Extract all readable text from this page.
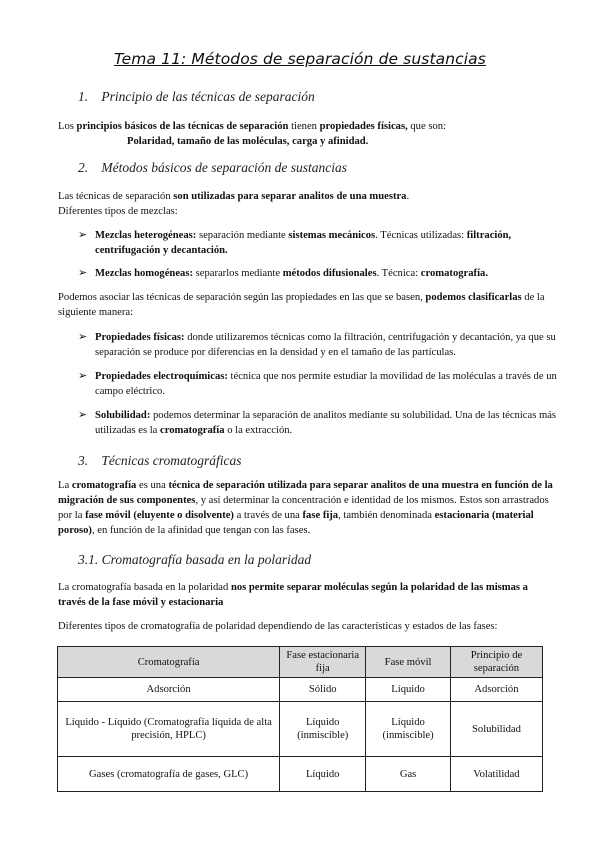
Tema 11: Métodos de separación de sustancias
1. Principio de las técnicas de separación
Los principios básicos de las técnicas de separación tienen propiedades físicas, que son:
Polaridad, tamaño de las moléculas, carga y afinidad.
2. Métodos básicos de separación de sustancias
Las técnicas de separación son utilizadas para separar analitos de una muestra.
Diferentes tipos de mezclas:
➢ Mezclas heterogéneas: separación mediante sistemas mecánicos. Técnicas utilizadas: filtración, centrifugación y decantación.
➢ Mezclas homogéneas: separarlos mediante métodos difusionales. Técnica: cromatografía.
Podemos asociar las técnicas de separación según las propiedades en las que se basen, podemos clasificarlas de la siguiente manera:
➢ Propiedades físicas: donde utilizaremos técnicas como la filtración, centrifugación y decantación, ya que su separación se produce por diferencias en la densidad y en el tamaño de las partículas.
➢ Propiedades electroquímicas: técnica que nos permite estudiar la movilidad de las moléculas a través de un campo eléctrico.
➢ Solubilidad: podemos determinar la separación de analitos mediante su solubilidad. Una de las técnicas más utilizadas es la cromatografía o la extracción.
3. Técnicas cromatográficas
La cromatografía es una técnica de separación utilizada para separar analitos de una muestra en función de la migración de sus componentes, y así determinar la concentración e identidad de los mismos. Estos son arrastrados por la fase móvil (eluyente o disolvente) a través de una fase fija, también denominada estacionaria (material poroso), en función de la afinidad que tengan con las fases.
3.1. Cromatografía basada en la polaridad
La cromatografía basada en la polaridad nos permite separar moléculas según la polaridad de las mismas a través de la fase móvil y estacionaria
Diferentes tipos de cromatografía de polaridad dependiendo de las características y estados de las fases:
Cromatografía	Fase estacionaria fija	Fase móvil	Principio de separación
Adsorción	Sólido	Líquido	Adsorción
Líquido - Líquido (Cromatografía líquida de alta precisión, HPLC)	Líquido (inmiscible)	Líquido (inmiscible)	Solubilidad
Gases (cromatografía de gases, GLC)	Líquido	Gas	Volatilidad
